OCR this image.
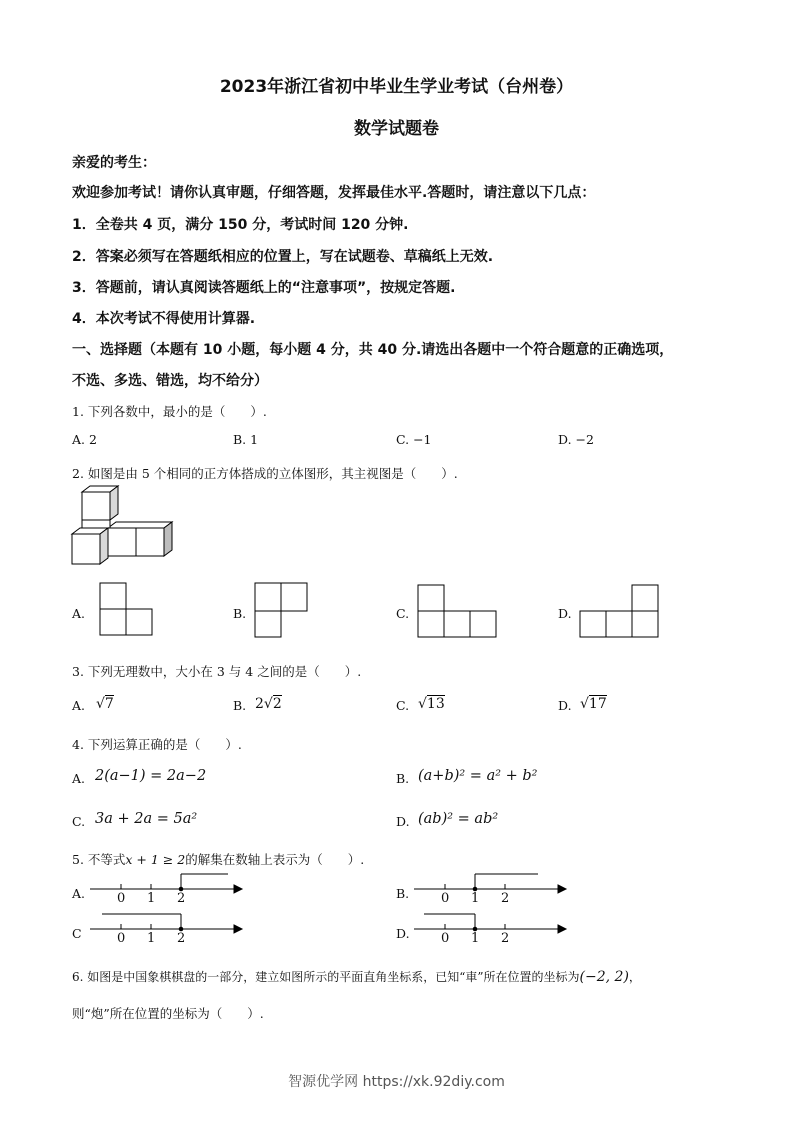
2023年浙江省初中毕业生学业考试（台州卷）
数学试题卷
亲爱的考生：
欢迎参加考试！请你认真审题，仔细答题，发挥最佳水平.答题时，请注意以下几点：
1．全卷共 4 页，满分 150 分，考试时间 120 分钟.
2．答案必须写在答题纸相应的位置上，写在试题卷、草稿纸上无效.
3．答题前，请认真阅读答题纸上的“注意事项”，按规定答题.
4．本次考试不得使用计算器.
一、选择题（本题有 10 小题，每小题 4 分，共 40 分.请选出各题中一个符合题意的正确选项，
不选、多选、错选，均不给分）
1. 下列各数中，最小的是（　　）.
A. 2	B. 1	C. −1	D. −2
2. 如图是由 5 个相同的正方体搭成的立体图形，其主视图是（　　）.
A.	B.	C.	D.
3. 下列无理数中，大小在 3 与 4 之间的是（　　）.
A. √7	B. 2√2	C. √13	D. √17
4. 下列运算正确的是（　　）.
A. 2(a−1) = 2a−2	B. (a+b)² = a² + b²
C. 3a + 2a = 5a²	D. (ab)² = ab²
5. 不等式x + 1 ≥ 2的解集在数轴上表示为（　　）.
A. 0 1 2	B. 0 1 2
C	0 1 2	D. 0 1 2
6. 如图是中国象棋棋盘的一部分，建立如图所示的平面直角坐标系，已知“車”所在位置的坐标为(−2, 2)，
则“炮”所在位置的坐标为（　　）.
智源优学网 https://xk.92diy.com
